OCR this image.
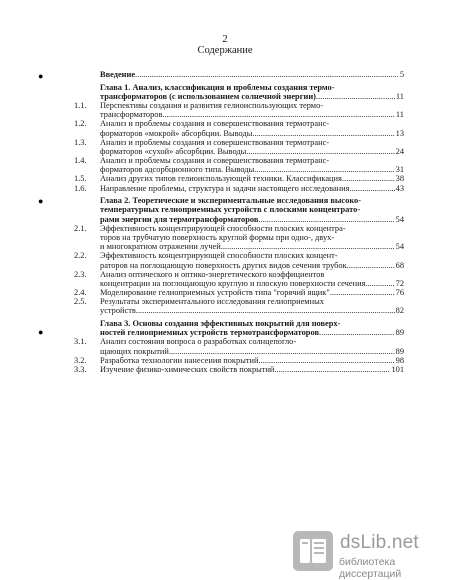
2
Содержание
●
●
●
Введение .....	5
Глава 1. Анализ, классификация и проблемы создания термо-
трансформаторов (с использованием солнечной энергии) .....	11
1.1.	Перспективы создания и развития гелиоиспользующих термо-
трансформаторов .....	11
1.2.	Анализ и проблемы создания и совершенствования термотранс-
форматоров «мокрой» абсорбции. Выводы .....	13
1.3.	Анализ и проблемы создания и совершенствования термотранс-
форматоров «сухой» абсорбции. Выводы .....	24
1.4.	Анализ и проблемы создания и совершенствования термотранс-
форматоров адсорбционного типа. Выводы .....	31
1.5.	Анализ других типов гелиоиспользующей техники. Классификация .....	38
1.6.	Направление проблемы, структура и задачи настоящего исследования .....	43
Глава 2. Теоретические и экспериментальные исследования высоко-
температурных гелиоприемных устройств с плоскими концентрато-
рами энергии для термотрансформаторов .....	54
2.1.	Эффективность концентрирующей способности плоских концентра-
торов на трубчатую поверхность круглой формы при одно-, двух-
и многократном отражении лучей .....	54
2.2.	Эффективность концентрирующей способности плоских концент-
раторов на поглощающую поверхность других видов сечения трубок .....	68
2.3.	Анализ оптического и оптико-энергетического коэффициентов
концентрации на поглощающую круглую и плоскую поверхности сечения .....	72
2.4.	Моделирование гелиоприемных устройств типа "горячий ящик" .....	76
2.5.	Результаты экспериментального исследования гелиоприемных
устройств .....	82
Глава 3. Основы создания эффективных покрытий для поверх-
ностей гелиоприемных устройств термотрансформаторов .....	89
3.1.	Анализ состояния вопроса о разработках солнцепогло-
щающих покрытий .....	89
3.2.	Разработка технологии нанесения покрытий .....	98
3.3.	Изучение физико-химических свойств покрытий .....	101
dsLib.net
библиотека диссертаций
